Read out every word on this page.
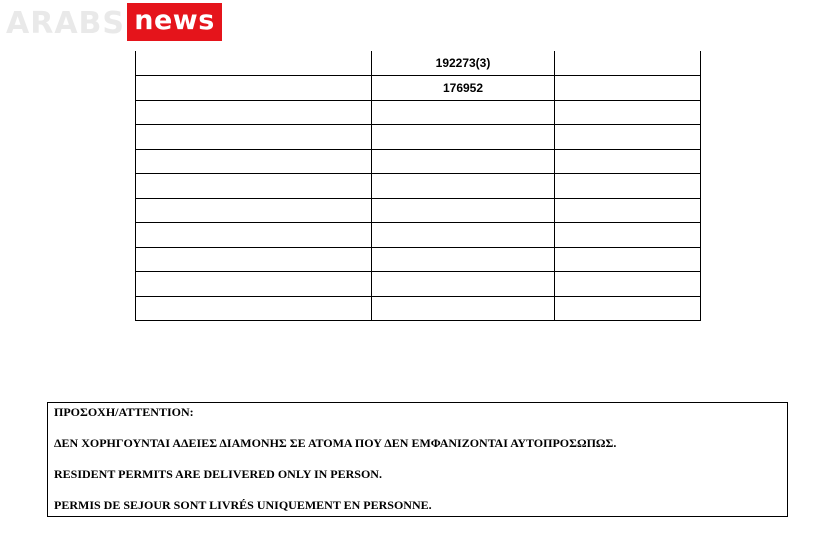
ARABS news
	192273(3)	
	176952	

ΠΡΟΣΟΧΗ/ATTENTION:

ΔΕΝ ΧΟΡΗΓΟΥΝΤΑΙ ΑΔΕΙΕΣ ΔΙΑΜΟΝΗΣ ΣΕ ΑΤΟΜΑ ΠΟΥ ΔΕΝ ΕΜΦΑΝΙΖΟΝΤΑΙ ΑΥΤΟΠΡΟΣΩΠΩΣ.

RESIDENT PERMITS ARE DELIVERED ONLY IN PERSON.

PERMIS DE SEJOUR SONT LIVRÉS UNIQUEMENT EN PERSONNE.
